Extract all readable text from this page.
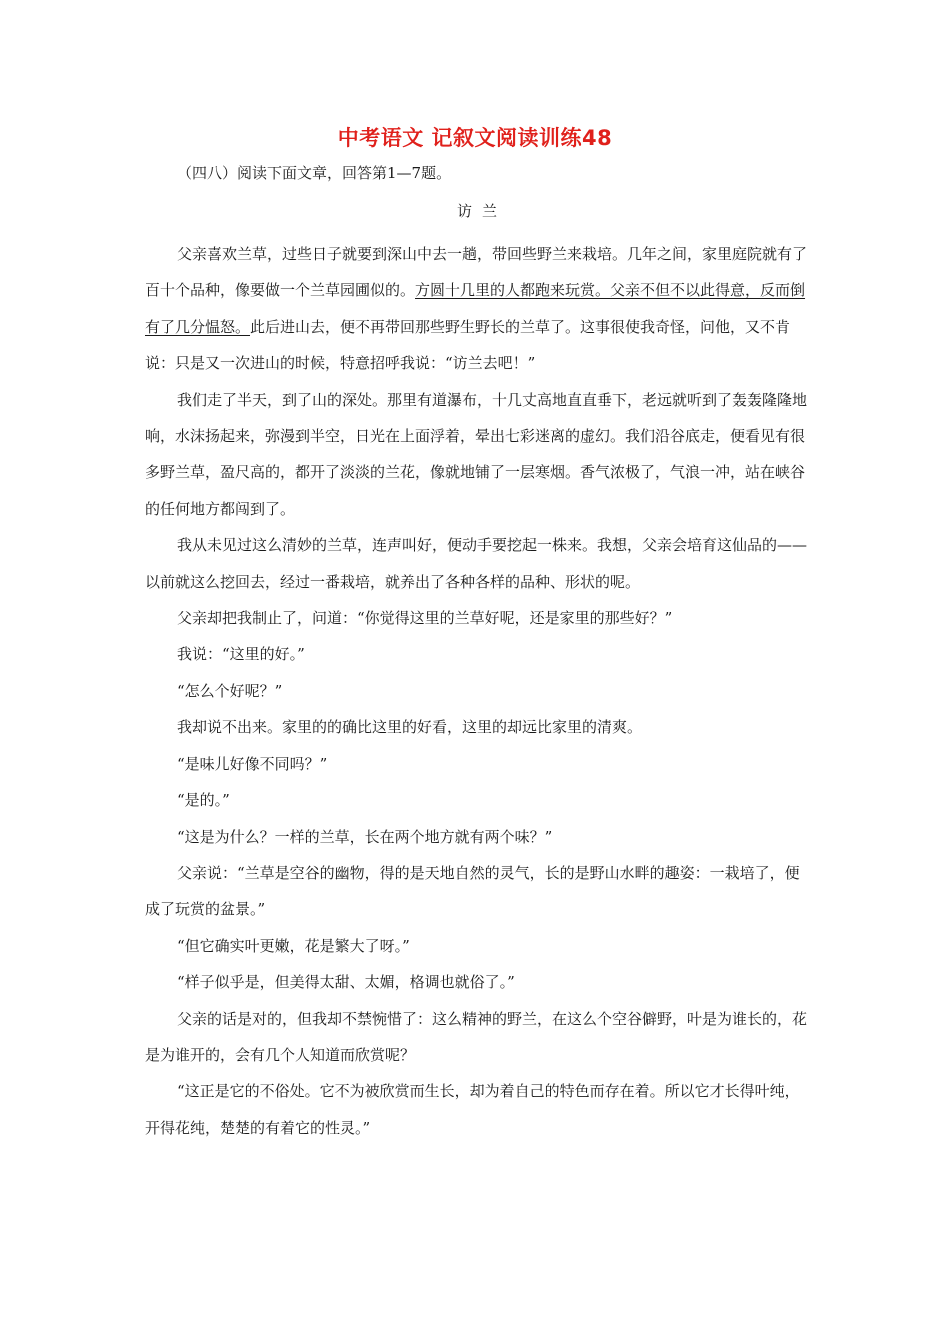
中考语文 记叙文阅读训练48
（四八）阅读下面文章，回答第1—7题。
访兰

父亲喜欢兰草，过些日子就要到深山中去一趟，带回些野兰来栽培。几年之间，家里庭院就有了百十个品种，像要做一个兰草园圃似的。方圆十几里的人都跑来玩赏。父亲不但不以此得意，反而倒有了几分愠怒。此后进山去，便不再带回那些野生野长的兰草了。这事很使我奇怪，问他，又不肯说：只是又一次进山的时候，特意招呼我说：“访兰去吧！”

我们走了半天，到了山的深处。那里有道瀑布，十几丈高地直直垂下，老远就听到了轰轰隆隆地响，水沫扬起来，弥漫到半空，日光在上面浮着，晕出七彩迷离的虚幻。我们沿谷底走，便看见有很多野兰草，盈尺高的，都开了淡淡的兰花，像就地铺了一层寒烟。香气浓极了，气浪一冲，站在峡谷的任何地方都闯到了。

我从未见过这么清妙的兰草，连声叫好，便动手要挖起一株来。我想，父亲会培育这仙品的——以前就这么挖回去，经过一番栽培，就养出了各种各样的品种、形状的呢。

父亲却把我制止了，问道：“你觉得这里的兰草好呢，还是家里的那些好？”

我说：“这里的好。”

“怎么个好呢？”

我却说不出来。家里的的确比这里的好看，这里的却远比家里的清爽。

“是味儿好像不同吗？”

“是的。”

“这是为什么？一样的兰草，长在两个地方就有两个味？”

父亲说：“兰草是空谷的幽物，得的是天地自然的灵气，长的是野山水畔的趣姿：一栽培了，便成了玩赏的盆景。”

“但它确实叶更嫩，花是繁大了呀。”

“样子似乎是，但美得太甜、太媚，格调也就俗了。”

父亲的话是对的，但我却不禁惋惜了：这么精神的野兰，在这么个空谷僻野，叶是为谁长的，花是为谁开的，会有几个人知道而欣赏呢？

“这正是它的不俗处。它不为被欣赏而生长，却为着自己的特色而存在着。所以它才长得叶纯，开得花纯，楚楚的有着它的性灵。”
